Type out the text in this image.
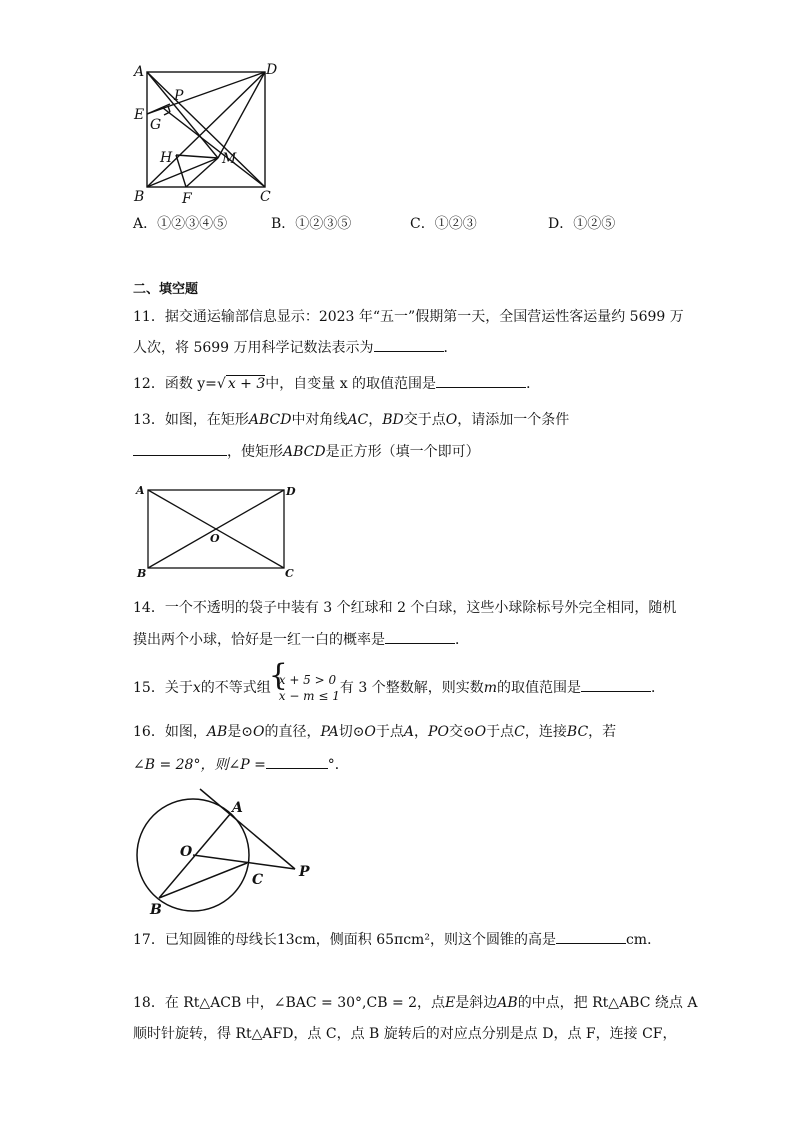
A	D
P
E
G
H	M
B	F	C
A．①②③④⑤	B．①②③⑤	C．①②③	D．①②⑤
二、填空题
11．据交通运输部信息显示：2023 年“五一”假期第一天，全国营运性客运量约 5699 万
人次，将 5699 万用科学记数法表示为	．
12．函数 y=√ x + 3中，自变量 x 的取值范围是	．
13．如图，在矩形ABCD中对角线AC，BD交于点O，请添加一个条件
，使矩形ABCD是正方形（填一个即可）
A	D
O
B	C
14．一个不透明的袋子中装有 3 个红球和 2 个白球，这些小球除标号外完全相同，随机
摸出两个小球，恰好是一红一白的概率是	．
15．关于x的不等式组
{ x + 5 > 0
x − m ≤ 1 有 3 个整数解，则实数m的取值范围是	．
16．如图，AB是⊙O的直径，PA切⊙O于点A，PO交⊙O于点C，连接BC，若
∠B = 28°，则∠P =	°．
A
O
C	P
B
17．已知圆锥的母线长13cm，侧面积 65πcm²，则这个圆锥的高是	cm．
18．在 Rt△ACB 中，∠BAC = 30°,CB = 2，点E是斜边AB的中点，把 Rt△ABC 绕点 A
顺时针旋转，得 Rt△AFD，点 C，点 B 旋转后的对应点分别是点 D，点 F，连接 CF，
